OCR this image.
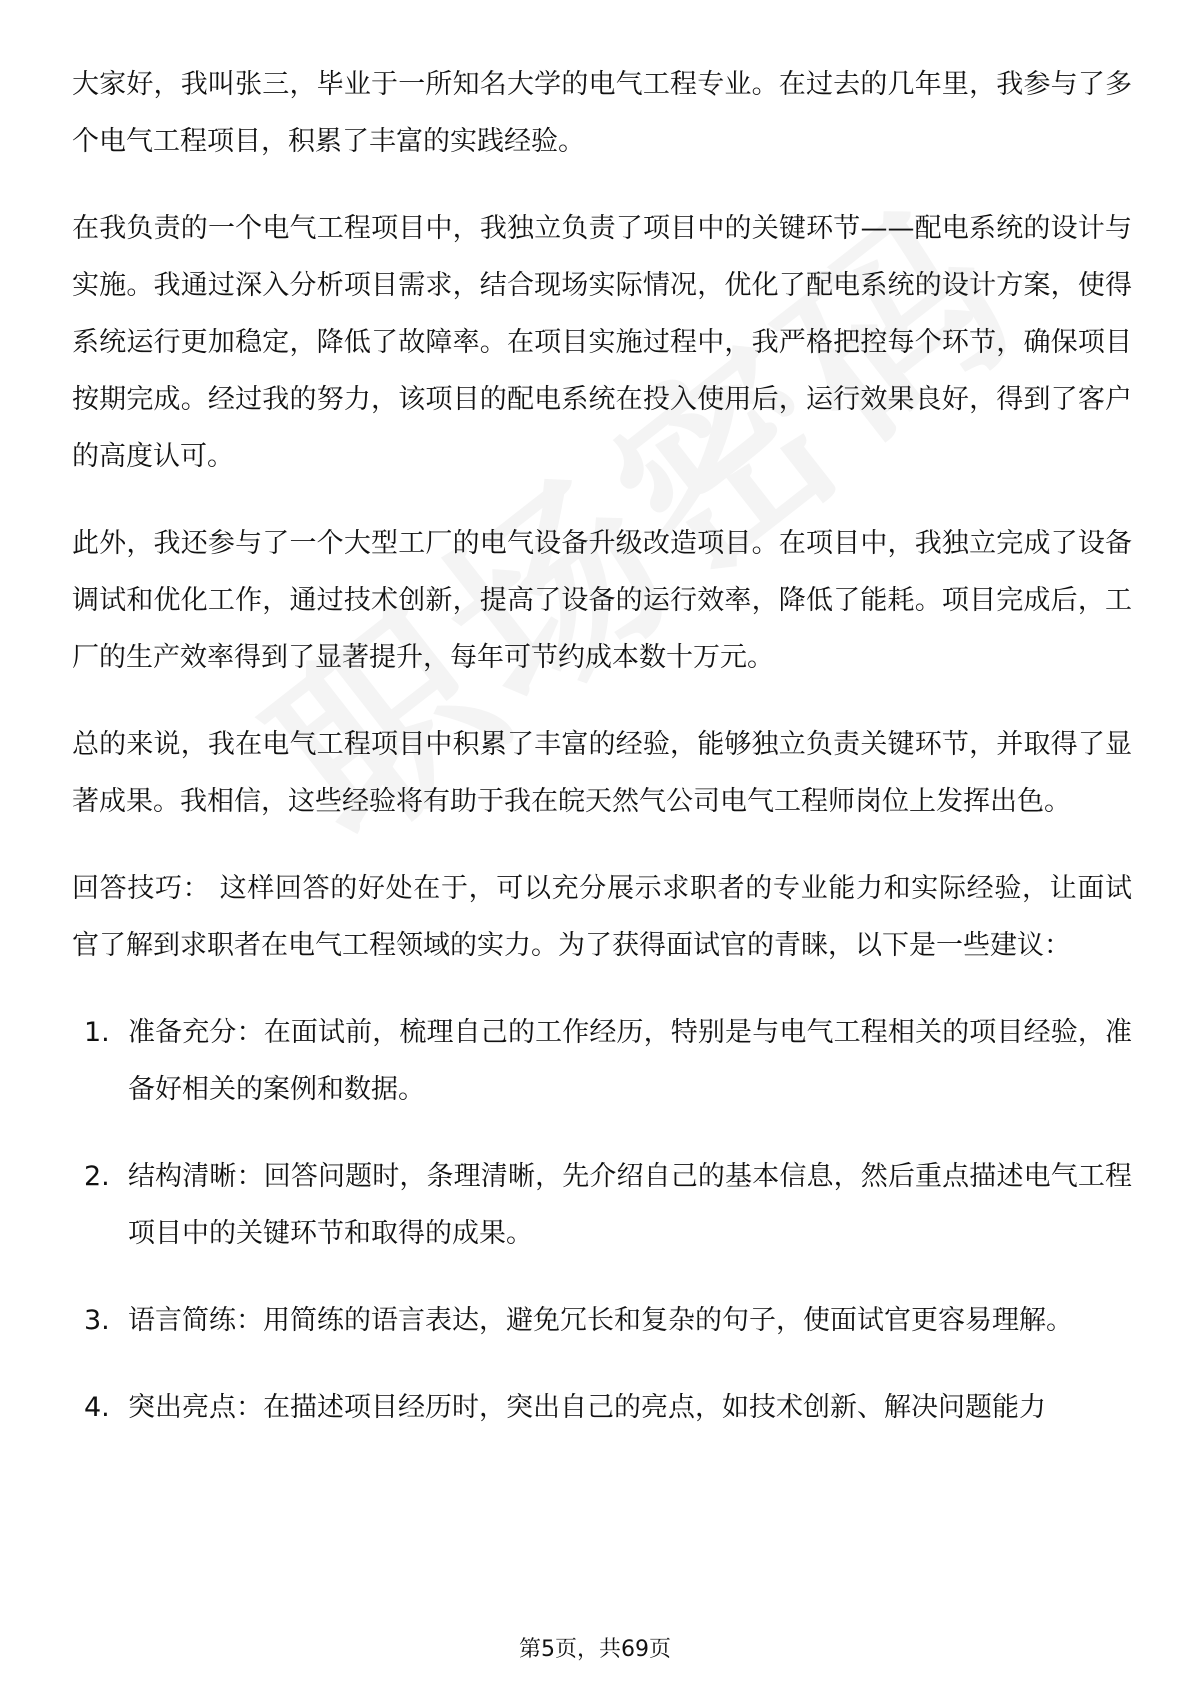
大家好，我叫张三，毕业于一所知名大学的电气工程专业。在过去的几年里，我参与了多个电气工程项目，积累了丰富的实践经验。

在我负责的一个电气工程项目中，我独立负责了项目中的关键环节——配电系统的设计与实施。我通过深入分析项目需求，结合现场实际情况，优化了配电系统的设计方案，使得系统运行更加稳定，降低了故障率。在项目实施过程中，我严格把控每个环节，确保项目按期完成。经过我的努力，该项目的配电系统在投入使用后，运行效果良好，得到了客户的高度认可。

此外，我还参与了一个大型工厂的电气设备升级改造项目。在项目中，我独立完成了设备调试和优化工作，通过技术创新，提高了设备的运行效率，降低了能耗。项目完成后，工厂的生产效率得到了显著提升，每年可节约成本数十万元。

总的来说，我在电气工程项目中积累了丰富的经验，能够独立负责关键环节，并取得了显著成果。我相信，这些经验将有助于我在皖天然气公司电气工程师岗位上发挥出色。

回答技巧： 这样回答的好处在于，可以充分展示求职者的专业能力和实际经验，让面试官了解到求职者在电气工程领域的实力。为了获得面试官的青睐，以下是一些建议：

1. 准备充分：在面试前，梳理自己的工作经历，特别是与电气工程相关的项目经验，准备好相关的案例和数据。
2. 结构清晰：回答问题时，条理清晰，先介绍自己的基本信息，然后重点描述电气工程项目中的关键环节和取得的成果。
3. 语言简练：用简练的语言表达，避免冗长和复杂的句子，使面试官更容易理解。
4. 突出亮点：在描述项目经历时，突出自己的亮点，如技术创新、解决问题能力
第5页，共69页
